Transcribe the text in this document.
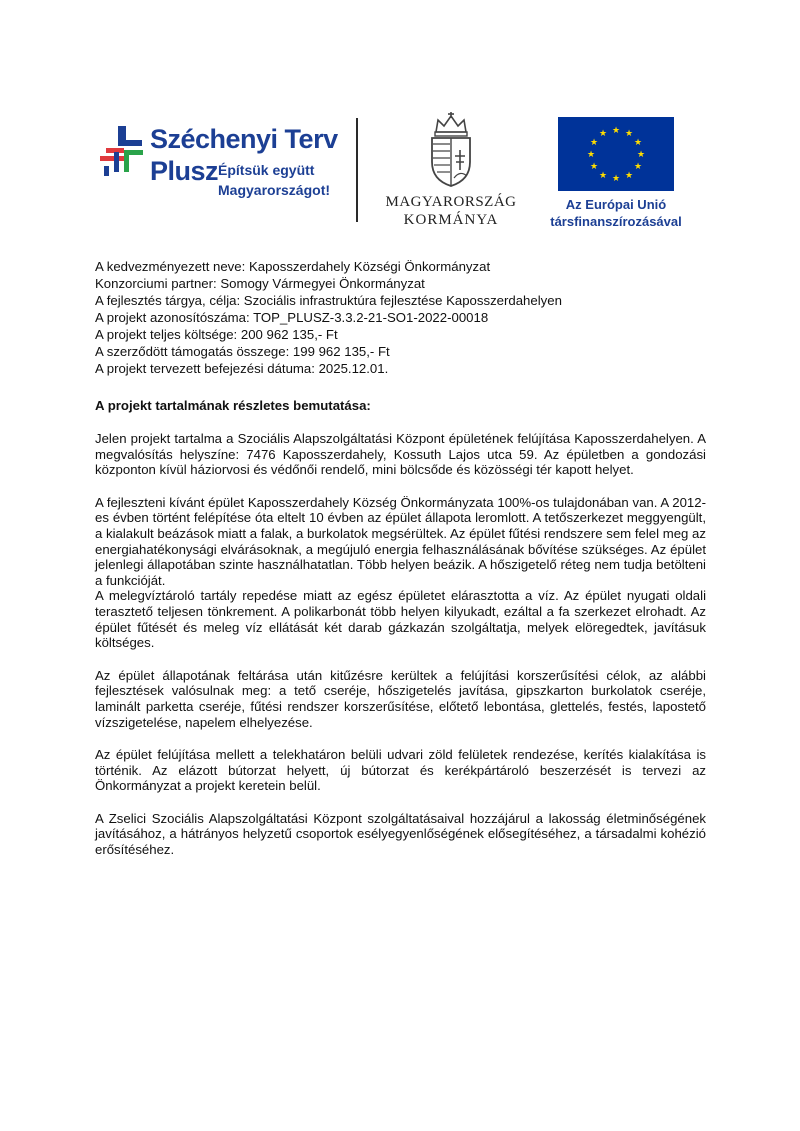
Széchenyi Terv
Plusz Építsük együtt
Magyarországot!
MAGYARORSZÁG
KORMÁNYA
★ ★
★
★
★
★
★
★
★
★
★
★
Az Európai Unió
társfinanszírozásával
A kedvezményezett neve: Kaposszerdahely Községi Önkormányzat
Konzorciumi partner: Somogy Vármegyei Önkormányzat
A fejlesztés tárgya, célja: Szociális infrastruktúra fejlesztése Kaposszerdahelyen
A projekt azonosítószáma: TOP_PLUSZ-3.3.2-21-SO1-2022-00018
A projekt teljes költsége: 200 962 135,- Ft
A szerződött támogatás összege: 199 962 135,- Ft
A projekt tervezett befejezési dátuma: 2025.12.01.
A projekt tartalmának részletes bemutatása:

Jelen projekt tartalma a Szociális Alapszolgáltatási Központ épületének felújítása Kaposszerdahelyen. A megvalósítás helyszíne: 7476 Kaposszerdahely, Kossuth Lajos utca 59. Az épületben a gondozási központon kívül háziorvosi és védőnői rendelő, mini bölcsőde és közösségi tér kapott helyet.

A fejleszteni kívánt épület Kaposszerdahely Község Önkormányzata 100%-os tulajdonában van. A 2012-es évben történt felépítése óta eltelt 10 évben az épület állapota leromlott. A tetőszerkezet meggyengült, a kialakult beázások miatt a falak, a burkolatok megsérültek. Az épület fűtési rendszere sem felel meg az energiahatékonysági elvárásoknak, a megújuló energia felhasználásának bővítése szükséges. Az épület jelenlegi állapotában szinte használhatatlan. Több helyen beázik. A hőszigetelő réteg nem tudja betölteni a funkcióját.

A melegvíztároló tartály repedése miatt az egész épületet elárasztotta a víz. Az épület nyugati oldali terasztető teljesen tönkrement. A polikarbonát több helyen kilyukadt, ezáltal a fa szerkezet elrohadt. Az épület fűtését és meleg víz ellátását két darab gázkazán szolgáltatja, melyek elöregedtek, javításuk költséges.

Az épület állapotának feltárása után kitűzésre kerültek a felújítási korszerűsítési célok, az alábbi fejlesztések valósulnak meg: a tető cseréje, hőszigetelés javítása, gipszkarton burkolatok cseréje, laminált parketta cseréje, fűtési rendszer korszerűsítése, előtető lebontása, glettelés, festés, lapostető vízszigetelése, napelem elhelyezése.

Az épület felújítása mellett a telekhatáron belüli udvari zöld felületek rendezése, kerítés kialakítása is történik. Az elázott bútorzat helyett, új bútorzat és kerékpártároló beszerzését is tervezi az Önkormányzat a projekt keretein belül.

A Zselici Szociális Alapszolgáltatási Központ szolgáltatásaival hozzájárul a lakosság életminőségének javításához, a hátrányos helyzetű csoportok esélyegyenlőségének elősegítéséhez, a társadalmi kohézió erősítéséhez.
